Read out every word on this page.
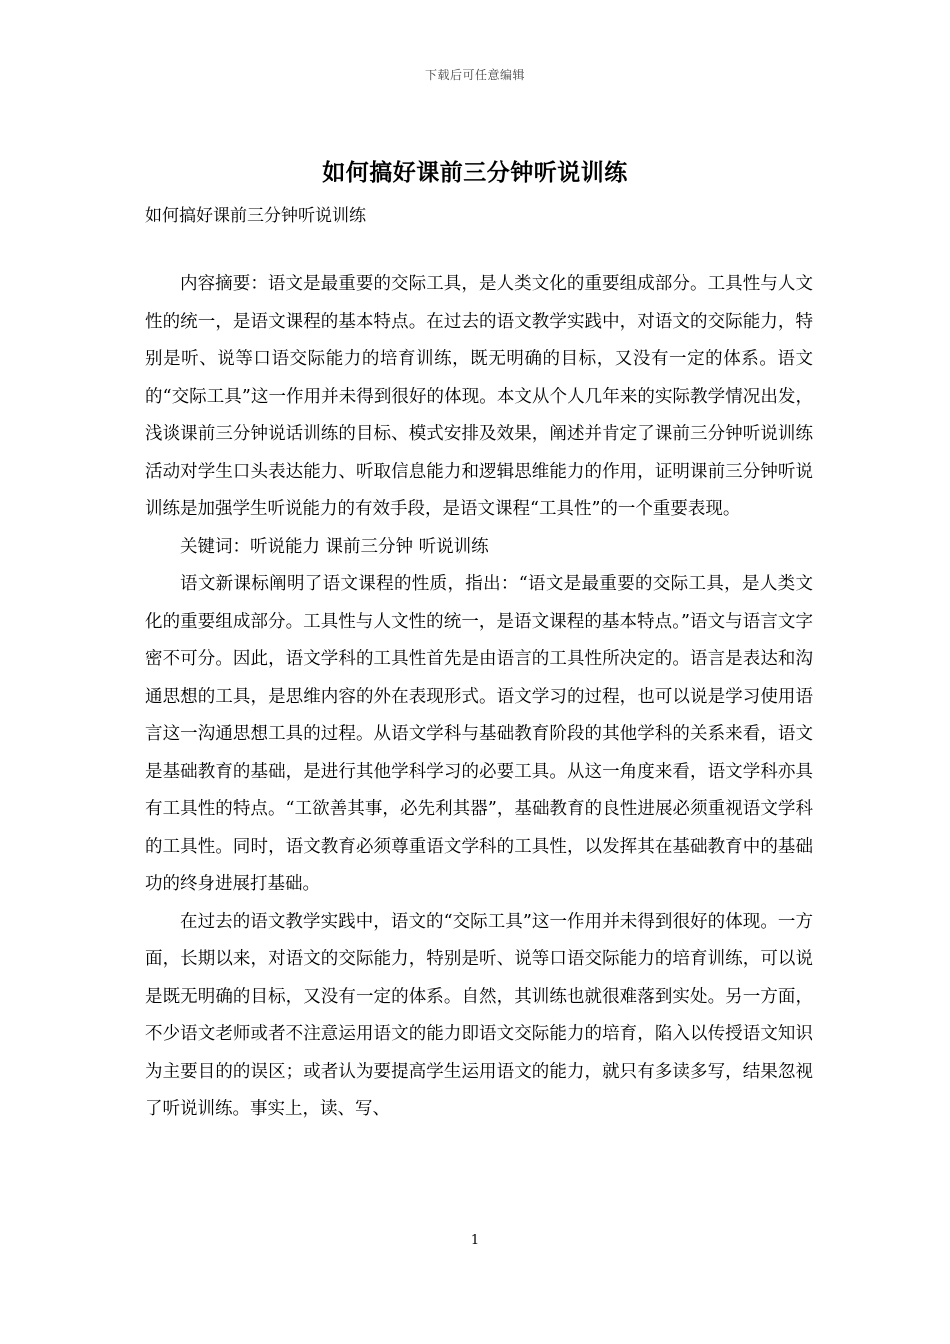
下载后可任意编辑
如何搞好课前三分钟听说训练
如何搞好课前三分钟听说训练

内容摘要：语文是最重要的交际工具，是人类文化的重要组成部分。工具性与人文性的统一，是语文课程的基本特点。在过去的语文教学实践中，对语文的交际能力，特别是听、说等口语交际能力的培育训练，既无明确的目标，又没有一定的体系。语文的“交际工具”这一作用并未得到很好的体现。本文从个人几年来的实际教学情况出发，浅谈课前三分钟说话训练的目标、模式安排及效果，阐述并肯定了课前三分钟听说训练活动对学生口头表达能力、听取信息能力和逻辑思维能力的作用，证明课前三分钟听说训练是加强学生听说能力的有效手段，是语文课程“工具性”的一个重要表现。

关键词：听说能力 课前三分钟 听说训练

语文新课标阐明了语文课程的性质，指出：“语文是最重要的交际工具，是人类文化的重要组成部分。工具性与人文性的统一，是语文课程的基本特点。”语文与语言文字密不可分。因此，语文学科的工具性首先是由语言的工具性所决定的。语言是表达和沟通思想的工具，是思维内容的外在表现形式。语文学习的过程，也可以说是学习使用语言这一沟通思想工具的过程。从语文学科与基础教育阶段的其他学科的关系来看，语文是基础教育的基础，是进行其他学科学习的必要工具。从这一角度来看，语文学科亦具有工具性的特点。“工欲善其事，必先利其器”，基础教育的良性进展必须重视语文学科的工具性。同时，语文教育必须尊重语文学科的工具性，以发挥其在基础教育中的基础功的终身进展打基础。

在过去的语文教学实践中，语文的“交际工具”这一作用并未得到很好的体现。一方面，长期以来，对语文的交际能力，特别是听、说等口语交际能力的培育训练，可以说是既无明确的目标，又没有一定的体系。自然，其训练也就很难落到实处。另一方面，不少语文老师或者不注意运用语文的能力即语文交际能力的培育，陷入以传授语文知识为主要目的的误区；或者认为要提高学生运用语文的能力，就只有多读多写，结果忽视了听说训练。事实上，读、写、

1
